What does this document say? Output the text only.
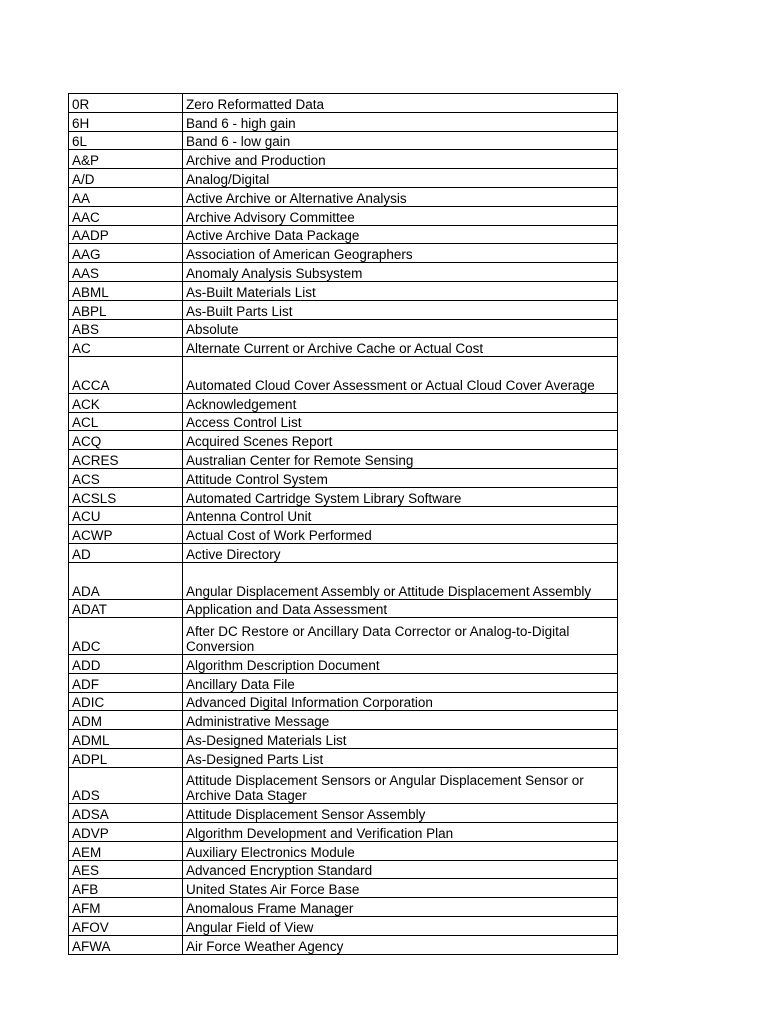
0R	Zero Reformatted Data
6H	Band 6 - high gain
6L	Band 6 - low gain
A&P	Archive and Production
A/D	Analog/Digital
AA	Active Archive or Alternative Analysis
AAC	Archive Advisory Committee
AADP	Active Archive Data Package
AAG	Association of American Geographers
AAS	Anomaly Analysis Subsystem
ABML	As-Built Materials List
ABPL	As-Built Parts List
ABS	Absolute
AC	Alternate Current or Archive Cache or Actual Cost
ACCA	Automated Cloud Cover Assessment or Actual Cloud Cover Average
ACK	Acknowledgement
ACL	Access Control List
ACQ	Acquired Scenes Report
ACRES	Australian Center for Remote Sensing
ACS	Attitude Control System
ACSLS	Automated Cartridge System Library Software
ACU	Antenna Control Unit
ACWP	Actual Cost of Work Performed
AD	Active Directory
ADA	Angular Displacement Assembly or Attitude Displacement Assembly
ADAT	Application and Data Assessment
ADC	After DC Restore or Ancillary Data Corrector or Analog-to-Digital Conversion
ADD	Algorithm Description Document
ADF	Ancillary Data File
ADIC	Advanced Digital Information Corporation
ADM	Administrative Message
ADML	As-Designed Materials List
ADPL	As-Designed Parts List
ADS	Attitude Displacement Sensors or Angular Displacement Sensor or Archive Data Stager
ADSA	Attitude Displacement Sensor Assembly
ADVP	Algorithm Development and Verification Plan
AEM	Auxiliary Electronics Module
AES	Advanced Encryption Standard
AFB	United States Air Force Base
AFM	Anomalous Frame Manager
AFOV	Angular Field of View
AFWA	Air Force Weather Agency
